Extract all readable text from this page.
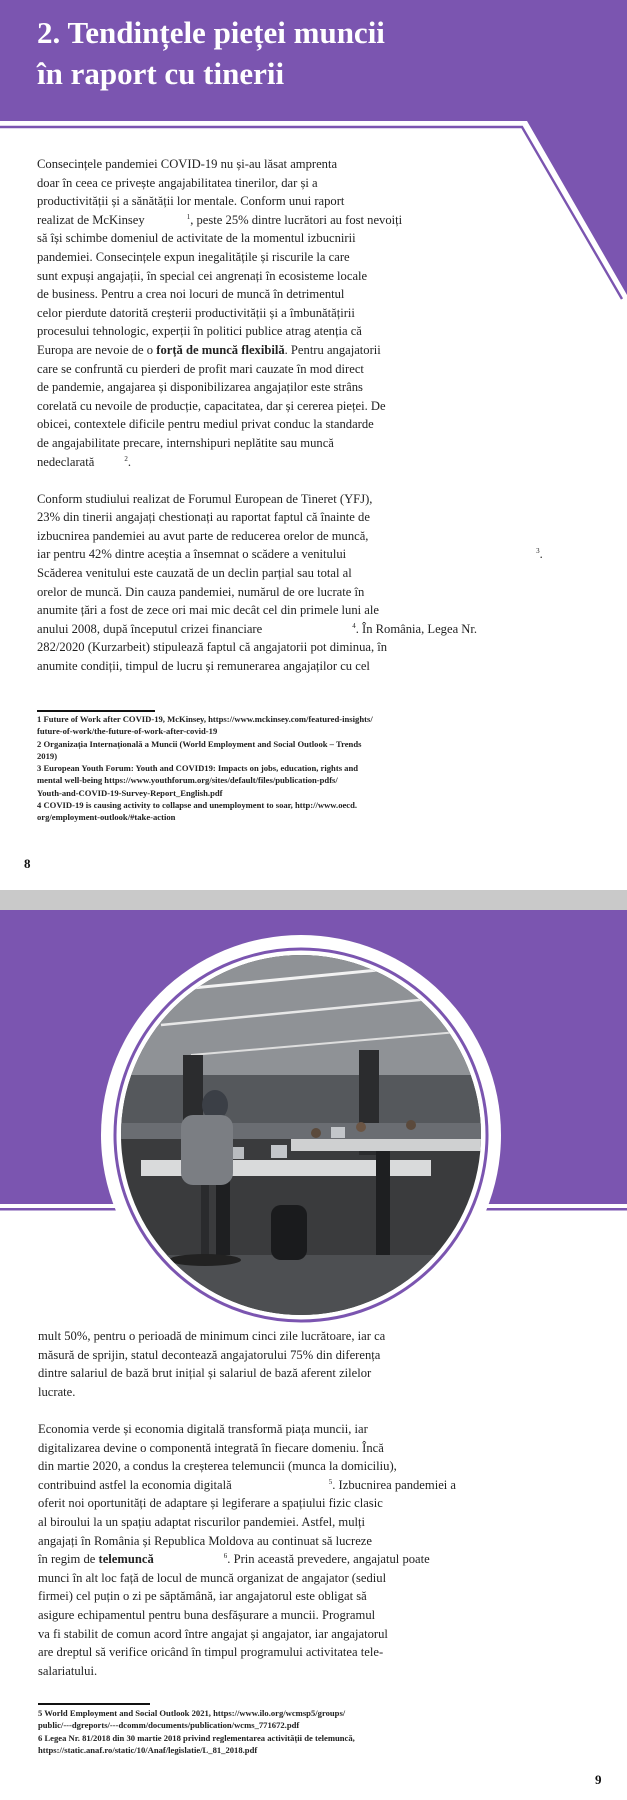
2. Tendințele pieței muncii
în raport cu tinerii
Consecințele pandemiei COVID-19 nu și-au lăsat amprenta
doar în ceea ce privește angajabilitatea tinerilor, dar și a
productivității și a sănătății lor mentale. Conform unui raport
realizat de McKinsey	$^1$, peste 25% dintre lucrători au fost nevoiți
să își schimbe domeniul de activitate de la momentul izbucnirii
pandemiei. Consecințele expun inegalitățile și riscurile la care
sunt expuși angajații, în special cei angrenați în ecosisteme locale
de business. Pentru a crea noi locuri de muncă în detrimentul
celor pierdute datorită creșterii productivității și a îmbunătățirii
procesului tehnologic, experții în politici publice atrag atenția că
Europa are nevoie de o forță de muncă flexibilă. Pentru angajatorii
care se confruntă cu pierderi de profit mari cauzate în mod direct
de pandemie, angajarea și disponibilizarea angajaților este strâns
corelată cu nevoile de producție, capacitatea, dar și cererea pieței. De
obicei, contextele dificile pentru mediul privat conduc la standarde
de angajabilitate precare, internshipuri neplătite sau muncă
nedeclarată	$^2$.
Conform studiului realizat de Forumul European de Tineret (YFJ),
23% din tinerii angajați chestionați au raportat faptul că înainte de
izbucnirea pandemiei au avut parte de reducerea orelor de muncă,
iar pentru 42% dintre aceștia a însemnat o scădere a venitului	$^3$.
Scăderea venitului este cauzată de un declin parțial sau total al
orelor de muncă. Din cauza pandemiei, numărul de ore lucrate în
anumite țări a fost de zece ori mai mic decât cel din primele luni ale
anului 2008, după începutul crizei financiare	$^4$. În România, Legea Nr.
282/2020 (Kurzarbeit) stipulează faptul că angajatorii pot diminua, în
anumite condiții, timpul de lucru și remunerarea angajaților cu cel
1 Future of Work after COVID-19, McKinsey, https://www.mckinsey.com/featured-insights/
future-of-work/the-future-of-work-after-covid-19
2 Organizația Internațională a Muncii (World Employment and Social Outlook – Trends
2019)
3 European Youth Forum: Youth and COVID19: Impacts on jobs, education, rights and
mental well-being https://www.youthforum.org/sites/default/files/publication-pdfs/
Youth-and-COVID-19-Survey-Report_English.pdf
4 COVID-19 is causing activity to collapse and unemployment to soar, http://www.oecd.
org/employment-outlook/#take-action
8
mult 50%, pentru o perioadă de minimum cinci zile lucrătoare, iar ca
măsură de sprijin, statul decontează angajatorului 75% din diferența
dintre salariul de bază brut inițial și salariul de bază aferent zilelor
lucrate.
Economia verde și economia digitală transformă piața muncii, iar
digitalizarea devine o componentă integrată în fiecare domeniu. Încă
din martie 2020, a condus la creșterea telemuncii (munca la domiciliu),
contribuind astfel la economia digitală	$^5$. Izbucnirea pandemiei a
oferit noi oportunități de adaptare și legiferare a spațiului fizic clasic
al biroului la un spațiu adaptat riscurilor pandemiei. Astfel, mulți
angajați în România și Republica Moldova au continuat să lucreze
în regim de telemuncă	$^6$. Prin această prevedere, angajatul poate
munci în alt loc față de locul de muncă organizat de angajator (sediul
firmei) cel puțin o zi pe săptămână, iar angajatorul este obligat să
asigure echipamentul pentru buna desfășurare a muncii. Programul
va fi stabilit de comun acord între angajat și angajator, iar angajatorul
are dreptul să verifice oricând în timpul programului activitatea tele-
salariatului.
5 World Employment and Social Outlook 2021, https://www.ilo.org/wcmsp5/groups/
public/---dgreports/---dcomm/documents/publication/wcms_771672.pdf
6 Legea Nr. 81/2018 din 30 martie 2018 privind reglementarea activității de telemuncă,
https://static.anaf.ro/static/10/Anaf/legislatie/L_81_2018.pdf
9
